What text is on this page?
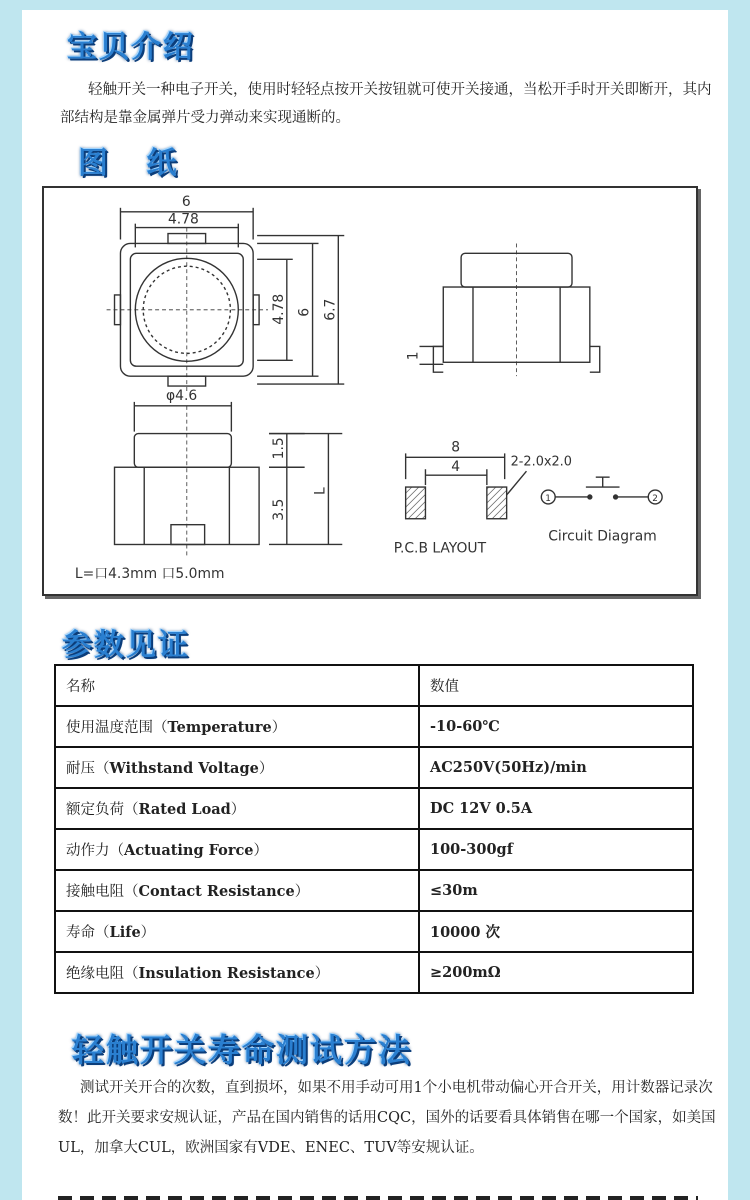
宝贝介绍

轻触开关一种电子开关，使用时轻轻点按开关按钮就可使开关接通，当松开手时开关即断开，其内部结构是靠金属弹片受力弹动来实现通断的。

图 纸
6
4.78
4.78 6 6.7
1
φ4.6
1.5
3.5
L
L=口4.3mm 口5.0mm
8
4	2-2.0x2.0
P.C.B LAYOUT
Circuit Diagram
1	2
参数见证
名称	数值
使用温度范围（Temperature）	-10-60℃
耐压（Withstand Voltage）	AC250V(50Hz)/min
额定负荷（Rated Load）	DC 12V 0.5A
动作力（Actuating Force）	100-300gf
接触电阻（Contact Resistance）	≤30m
寿命（Life）	10000 次
绝缘电阻（Insulation Resistance）	≥200mΩ
轻触开关寿命测试方法

测试开关开合的次数，直到损坏，如果不用手动可用1个小电机带动偏心开合开关，用计数器记录次数！此开关要求安规认证，产品在国内销售的话用CQC，国外的话要看具体销售在哪一个国家，如美国UL，加拿大CUL，欧洲国家有VDE、ENEC、TUV等安规认证。
